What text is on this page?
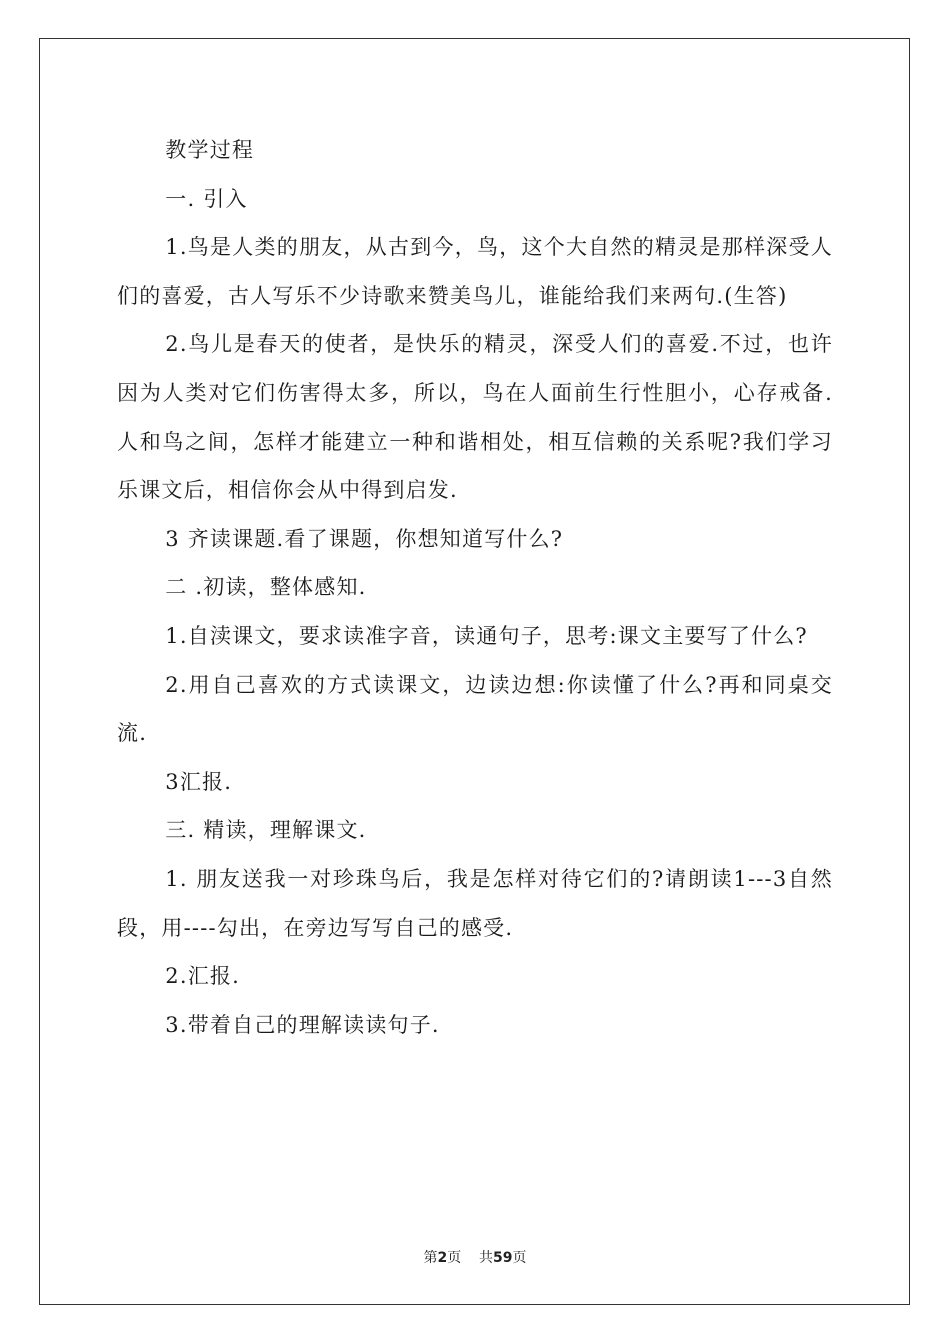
教学过程

一. 引入

1.鸟是人类的朋友，从古到今，鸟，这个大自然的精灵是那样深受人们的喜爱，古人写乐不少诗歌来赞美鸟儿，谁能给我们来两句.(生答)

2.鸟儿是春天的使者，是快乐的精灵，深受人们的喜爱.不过，也许因为人类对它们伤害得太多，所以，鸟在人面前生行性胆小，心存戒备.人和鸟之间，怎样才能建立一种和谐相处，相互信赖的关系呢?我们学习乐课文后，相信你会从中得到启发.

3 齐读课题.看了课题，你想知道写什么?

二 .初读，整体感知.

1.自渎课文，要求读准字音，读通句子，思考:课文主要写了什么?

2.用自己喜欢的方式读课文，边读边想:你读懂了什么?再和同桌交流.

3汇报.

三. 精读，理解课文.

1. 朋友送我一对珍珠鸟后，我是怎样对待它们的?请朗读1---3自然段，用----勾出，在旁边写写自己的感受.

2.汇报.

3.带着自己的理解读读句子.

第2页 共59页
